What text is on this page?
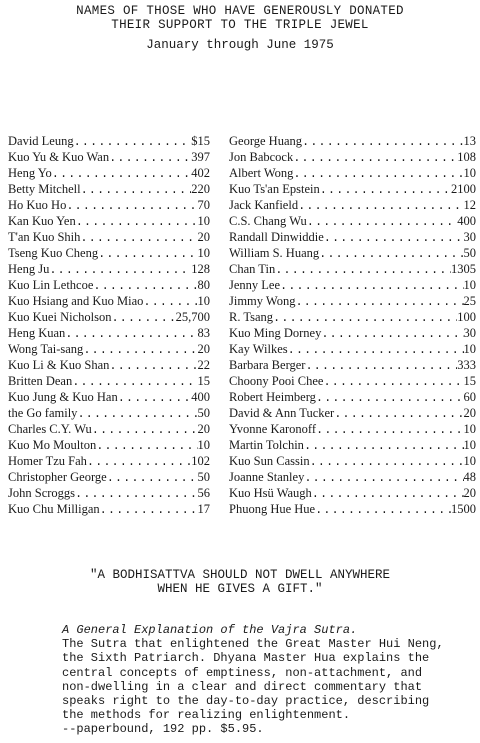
NAMES OF THOSE WHO HAVE GENEROUSLY DONATED
THEIR SUPPORT TO THE TRIPLE JEWEL
January through June 1975
David Leung .....	$15
Kuo Yu & Kuo Wan .....	397
Heng Yo .....	402
Betty Mitchell .....	220
Ho Kuo Ho .....	70
Kan Kuo Yen .....	10
T'an Kuo Shih .....	20
Tseng Kuo Cheng .....	10
Heng Ju .....	128
Kuo Lin Lethcoe .....	80
Kuo Hsiang and Kuo Miao .....	10
Kuo Kuei Nicholson .....	25,700
Heng Kuan .....	83
Wong Tai-sang .....	20
Kuo Li & Kuo Shan .....	22
Britten Dean .....	15
Kuo Jung & Kuo Han .....	400
the Go family .....	50
Charles C.Y. Wu .....	20
Kuo Mo Moulton .....	10
Homer Tzu Fah .....	102
Christopher George .....	50
John Scroggs .....	56
Kuo Chu Milligan .....	17
George Huang .....	13
Jon Babcock .....	108
Albert Wong .....	10
Kuo Ts'an Epstein .....	2100
Jack Kanfield .....	12
C.S. Chang Wu .....	400
Randall Dinwiddie .....	30
William S. Huang .....	50
Chan Tin .....	1305
Jenny Lee .....	10
Jimmy Wong .....	25
R. Tsang .....	100
Kuo Ming Dorney .....	30
Kay Wilkes .....	10
Barbara Berger .....	333
Choony Pooi Chee .....	15
Robert Heimberg .....	60
David & Ann Tucker .....	20
Yvonne Karonoff .....	10
Martin Tolchin .....	10
Kuo Sun Cassin .....	10
Joanne Stanley .....	48
Kuo Hsü Waugh .....	20
Phuong Hue Hue .....	1500
"A BODHISATTVA SHOULD NOT DWELL ANYWHERE
WHEN HE GIVES A GIFT."
A General Explanation of the Vajra Sutra.
The Sutra that enlightened the Great Master Hui Neng,
the Sixth Patriarch. Dhyana Master Hua explains the
central concepts of emptiness, non-attachment, and
non-dwelling in a clear and direct commentary that
speaks right to the day-to-day practice, describing
the methods for realizing enlightenment.
--paperbound, 192 pp. $5.95.
